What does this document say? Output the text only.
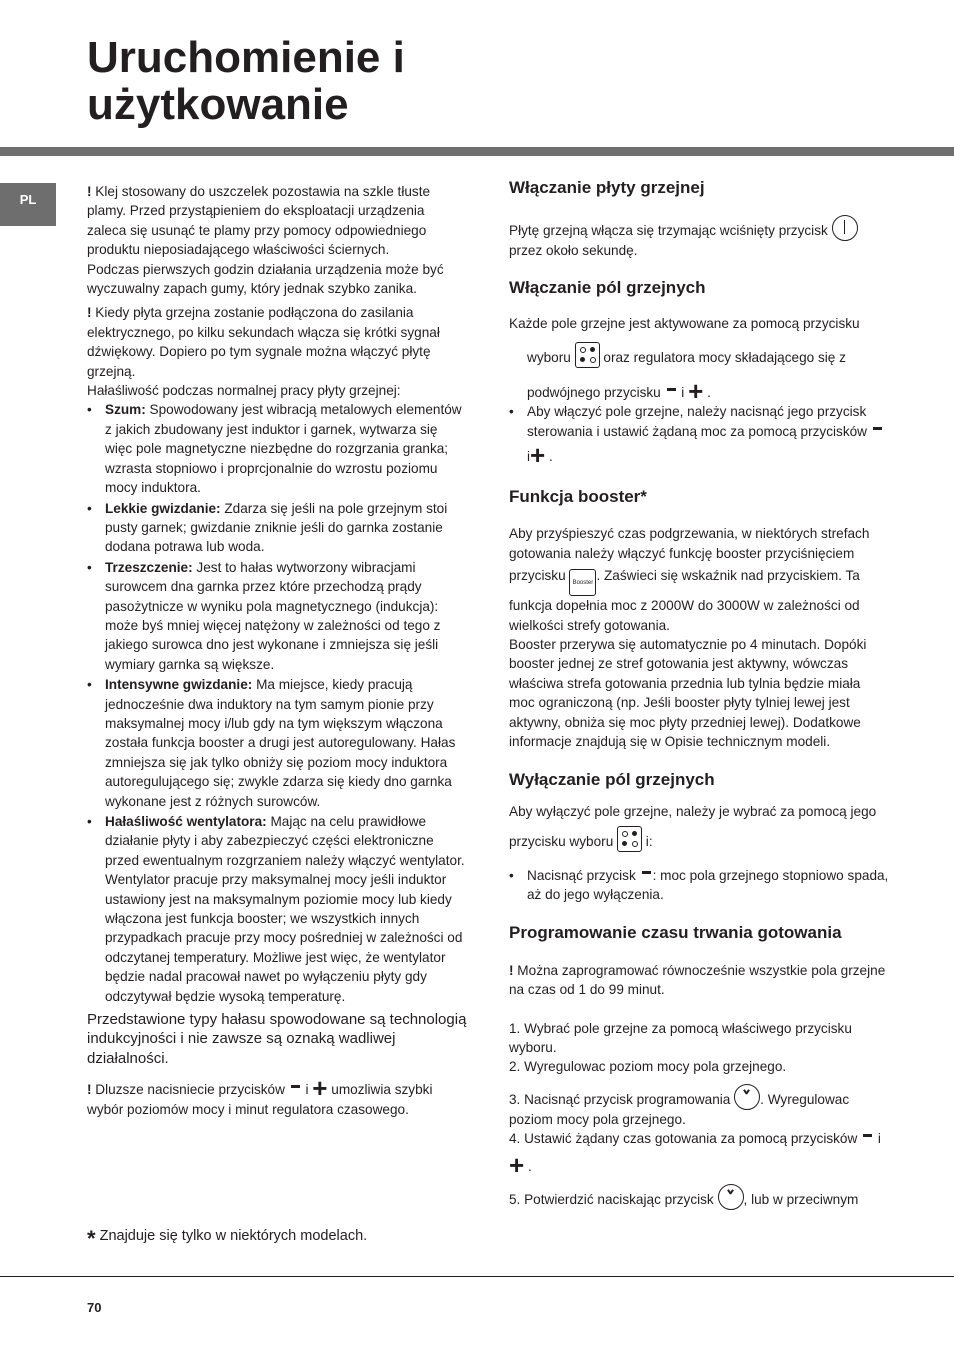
Uruchomienie i
użytkowanie
PL

! Klej stosowany do uszczelek pozostawia na szkle tłuste plamy. Przed przystąpieniem do eksploatacji urządzenia zaleca się usunąć te plamy przy pomocy odpowiedniego produktu nieposiadającego właściwości ściernych.

Podczas pierwszych godzin działania urządzenia może być wyczuwalny zapach gumy, który jednak szybko zanika.

! Kiedy płyta grzejna zostanie podłączona do zasilania elektrycznego, po kilku sekundach włącza się krótki sygnał dźwiękowy. Dopiero po tym sygnale można włączyć płytę grzejną.

Hałaśliwość podczas normalnej pracy płyty grzejnej:

• Szum: Spowodowany jest wibracją metalowych elementów z jakich zbudowany jest induktor i garnek, wytwarza się więc pole magnetyczne niezbędne do rozgrzania granka; wzrasta stopniowo i proprcjonalnie do wzrostu poziomu mocy induktora.
• Lekkie gwizdanie: Zdarza się jeśli na pole grzejnym stoi pusty garnek; gwizdanie zniknie jeśli do garnka zostanie dodana potrawa lub woda.
• Trzeszczenie: Jest to hałas wytworzony wibracjami surowcem dna garnka przez które przechodzą prądy pasożytnicze w wyniku pola magnetycznego (indukcja): może byś mniej więcej natężony w zależności od tego z jakiego surowca dno jest wykonane i zmniejsza się jeśli wymiary garnka są większe.
• Intensywne gwizdanie: Ma miejsce, kiedy pracują jednocześnie dwa induktory na tym samym pionie przy maksymalnej mocy i/lub gdy na tym większym włączona została funkcja booster a drugi jest autoregulowany. Hałas zmniejsza się jak tylko obniży się poziom mocy induktora autoregulującego się; zwykle zdarza się kiedy dno garnka wykonane jest z różnych surowców.
• Hałaśliwość wentylatora: Mając na celu prawidłowe działanie płyty i aby zabezpieczyć części elektroniczne przed ewentualnym rozgrzaniem należy włączyć wentylator. Wentylator pracuje przy maksymalnej mocy jeśli induktor ustawiony jest na maksymalnym poziomie mocy lub kiedy włączona jest funkcja booster; we wszystkich innych przypadkach pracuje przy mocy pośredniej w zależności od odczytanej temperatury. Możliwe jest więc, że wentylator będzie nadal pracował nawet po wyłączeniu płyty gdy odczytywał będzie wysoką temperaturę.

Przedstawione typy hałasu spowodowane są technologią indukcyjności i nie zawsze są oznaką wadliwej działalności.

! Dluzsze nacisniecie przycisków  i + umozliwia szybki wybór poziomów mocy i minut regulatora czasowego.

* Znajduje się tylko w niektórych modelach.
Włączanie płyty grzejnej

Płytę grzejną włącza się trzymając wciśnięty przycisk

przez około sekundę.

Włączanie pól grzejnych

Każde pole grzejne jest aktywowane za pomocą przycisku

wyboru
oraz regulatora mocy składającego się z

podwójnego przycisku  i + .

• Aby włączyć pole grzejne, należy nacisnąć jego przycisk sterowania i ustawić żądaną moc za pomocą przycisków
i+ .
Funkcja booster*

Aby przyśpieszyć czas podgrzewania, w niektórych strefach gotowania należy włączyć funkcję booster przyciśnięciem

przycisku Booster . Zaświeci się wskaźnik nad przyciskiem. Ta funkcja dopełnia moc z 2000W do 3000W w zależności od wielkości strefy gotowania.

Booster przerywa się automatycznie po 4 minutach. Dopóki booster jednej ze stref gotowania jest aktywny, wówczas właściwa strefa gotowania przednia lub tylnia będzie miała moc ograniczoną (np. Jeśli booster płyty tylniej lewej jest aktywny, obniża się moc płyty przedniej lewej). Dodatkowe informacje znajdują się w Opisie technicznym modeli.

Wyłączanie pól grzejnych

Aby wyłączyć pole grzejne, należy je wybrać za pomocą jego

przycisku wyboru
i:

• Nacisnąć przycisk : moc pola grzejnego stopniowo spada, aż do jego wyłączenia.
Programowanie czasu trwania gotowania

! Można zaprogramować równocześnie wszystkie pola grzejne na czas od 1 do 99 minut.

1. Wybrać pole grzejne za pomocą właściwego przycisku wyboru.

2. Wyregulowac poziom mocy pola grzejnego.

3. Nacisnąć przycisk programowania
. Wyregulowac poziom mocy pola grzejnego.

4. Ustawić żądany czas gotowania za pomocą przycisków  i
+ .

5. Potwierdzić naciskając przycisk
, lub w przeciwnym

70
